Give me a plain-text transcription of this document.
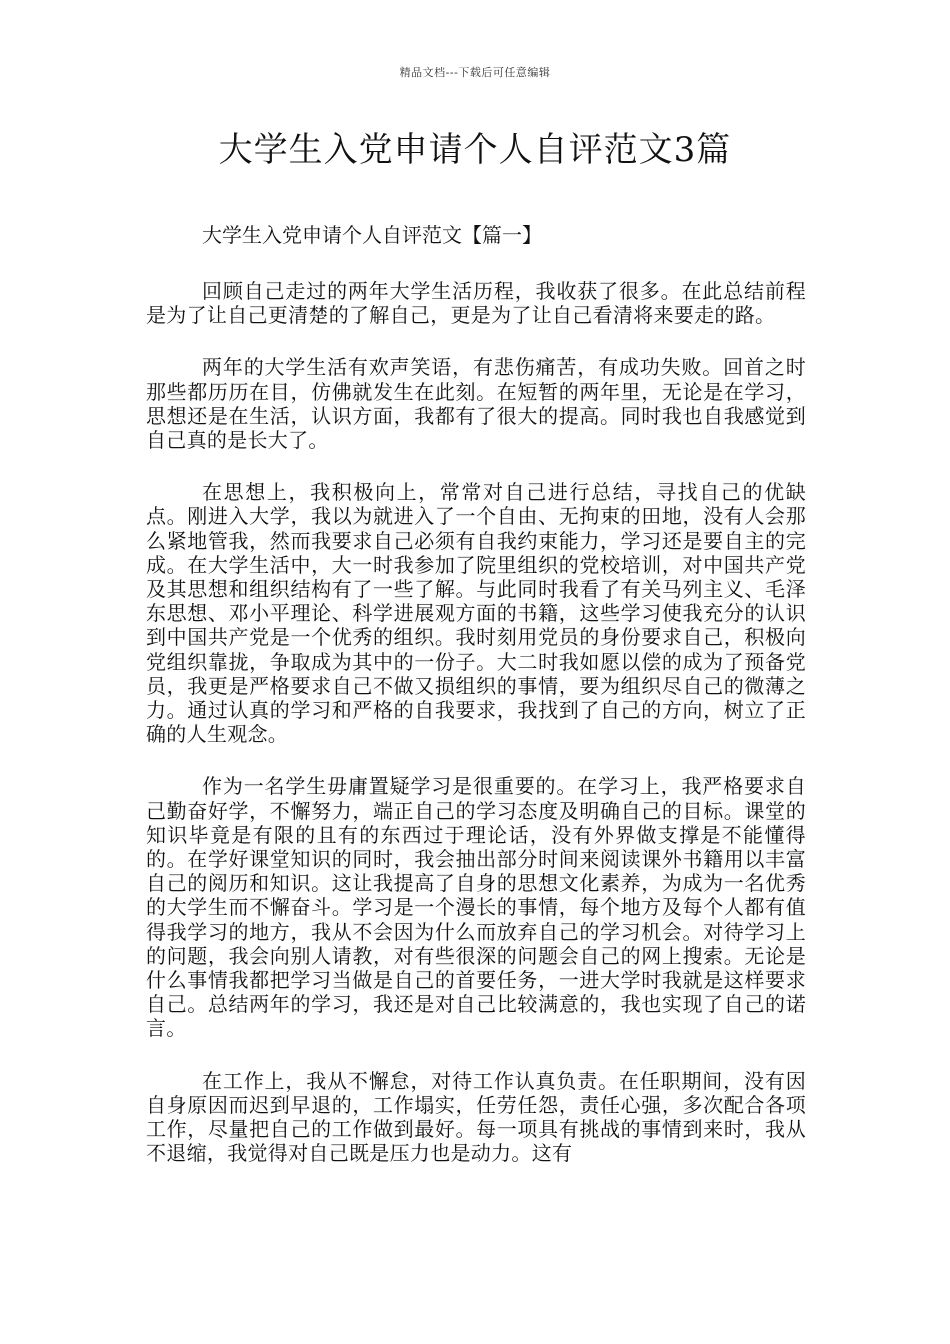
精品文档---下载后可任意编辑
大学生入党申请个人自评范文3篇

大学生入党申请个人自评范文【篇一】

回顾自己走过的两年大学生活历程，我收获了很多。在此总结前程是为了让自己更清楚的了解自己，更是为了让自己看清将来要走的路。

两年的大学生活有欢声笑语，有悲伤痛苦，有成功失败。回首之时那些都历历在目，仿佛就发生在此刻。在短暂的两年里，无论是在学习，思想还是在生活，认识方面，我都有了很大的提高。同时我也自我感觉到自己真的是长大了。

在思想上，我积极向上，常常对自己进行总结，寻找自己的优缺点。刚进入大学，我以为就进入了一个自由、无拘束的田地，没有人会那么紧地管我，然而我要求自己必须有自我约束能力，学习还是要自主的完成。在大学生活中，大一时我参加了院里组织的党校培训，对中国共产党及其思想和组织结构有了一些了解。与此同时我看了有关马列主义、毛泽东思想、邓小平理论、科学进展观方面的书籍，这些学习使我充分的认识到中国共产党是一个优秀的组织。我时刻用党员的身份要求自己，积极向党组织靠拢，争取成为其中的一份子。大二时我如愿以偿的成为了预备党员，我更是严格要求自己不做又损组织的事情，要为组织尽自己的微薄之力。通过认真的学习和严格的自我要求，我找到了自己的方向，树立了正确的人生观念。

作为一名学生毋庸置疑学习是很重要的。在学习上，我严格要求自己勤奋好学，不懈努力，端正自己的学习态度及明确自己的目标。课堂的知识毕竟是有限的且有的东西过于理论话，没有外界做支撑是不能懂得的。在学好课堂知识的同时，我会抽出部分时间来阅读课外书籍用以丰富自己的阅历和知识。这让我提高了自身的思想文化素养，为成为一名优秀的大学生而不懈奋斗。学习是一个漫长的事情，每个地方及每个人都有值得我学习的地方，我从不会因为什么而放弃自己的学习机会。对待学习上的问题，我会向别人请教，对有些很深的问题会自己的网上搜索。无论是什么事情我都把学习当做是自己的首要任务，一进大学时我就是这样要求自己。总结两年的学习，我还是对自己比较满意的，我也实现了自己的诺言。

在工作上，我从不懈怠，对待工作认真负责。在任职期间，没有因自身原因而迟到早退的，工作塌实，任劳任怨，责任心强，多次配合各项工作，尽量把自己的工作做到最好。每一项具有挑战的事情到来时，我从不退缩，我觉得对自己既是压力也是动力。这有
